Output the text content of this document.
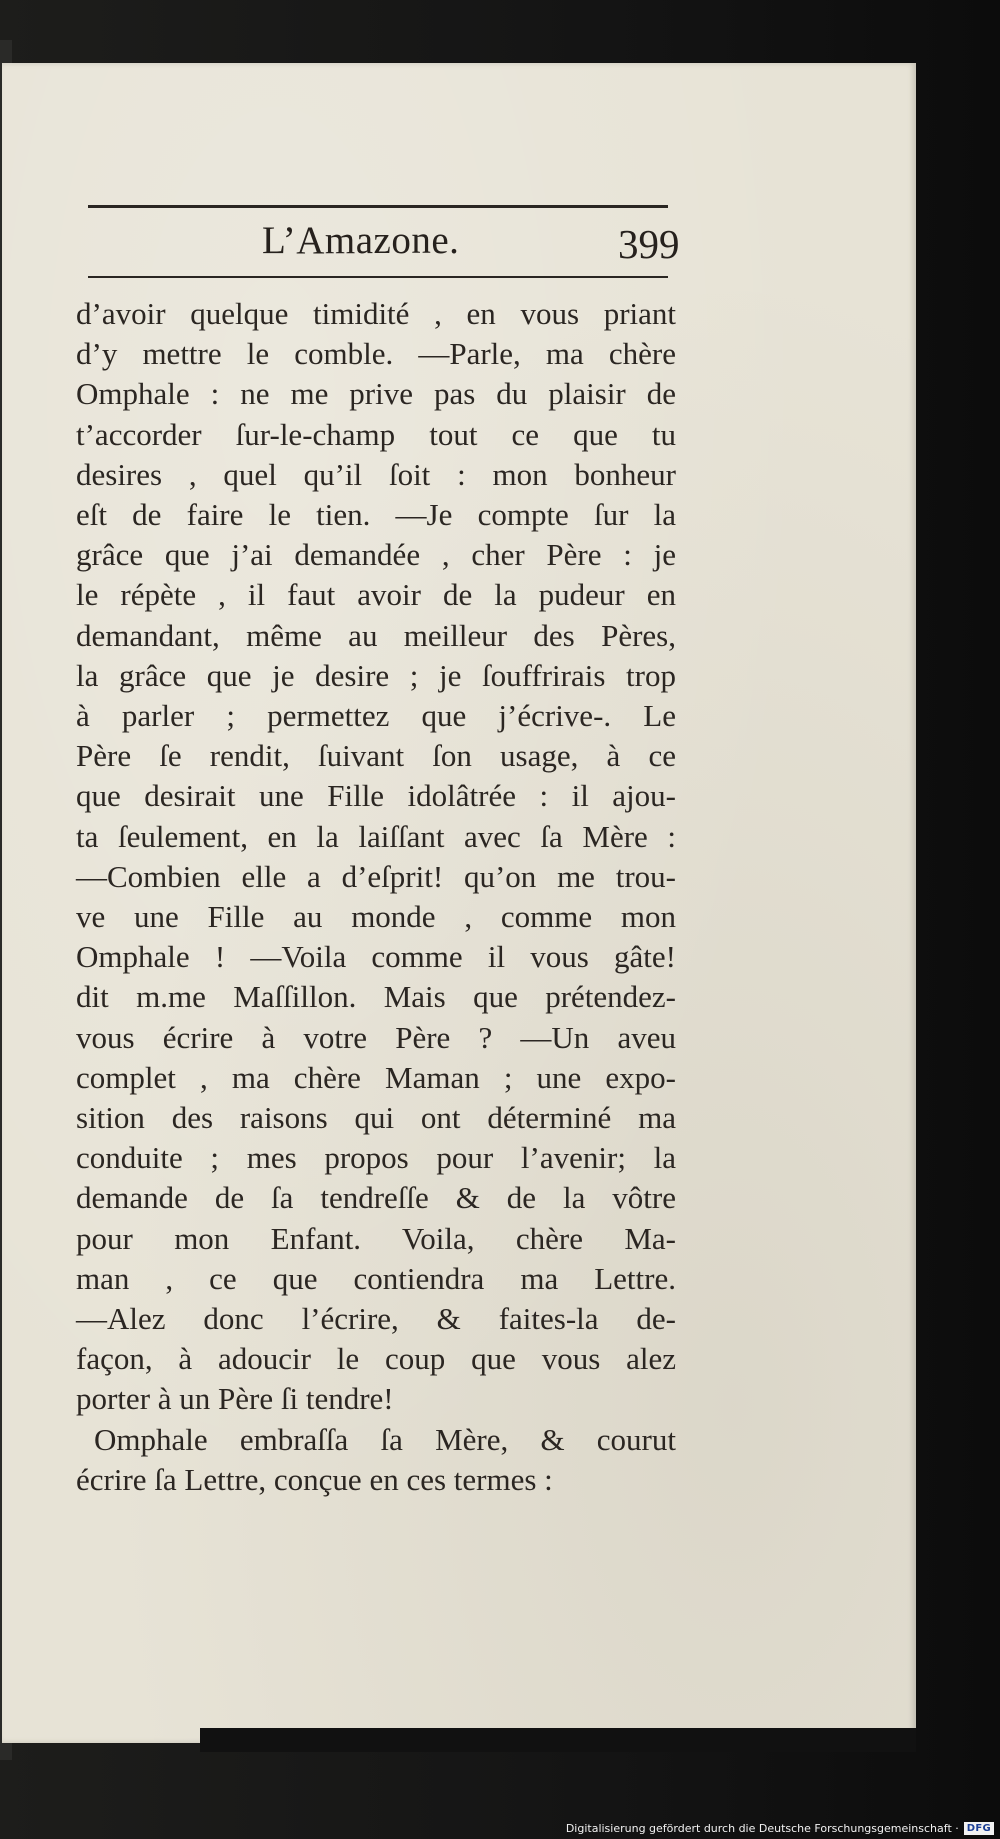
L’Amazone.	399
d’avoir quelque timidité , en vous priant
d’y mettre le comble. —Parle, ma chère
Omphale : ne me prive pas du plaisir de
t’accorder ſur-le-champ tout ce que tu
desires , quel qu’il ſoit : mon bonheur
eſt de faire le tien. —Je compte ſur la
grâce que j’ai demandée , cher Père : je
le répète , il faut avoir de la pudeur en
demandant, même au meilleur des Pères,
la grâce que je desire ; je ſouffrirais trop
à parler ; permettez que j’écrive-. Le
Père ſe rendit, ſuivant ſon usage, à ce
que desirait une Fille idolâtrée : il ajou-
ta ſeulement, en la laiſſant avec ſa Mère :
—Combien elle a d’eſprit! qu’on me trou-
ve une Fille au monde , comme mon
Omphale ! —Voila comme il vous gâte!
dit m.me Maſſillon. Mais que prétendez-
vous écrire à votre Père ? —Un aveu
complet , ma chère Maman ; une expo-
sition des raisons qui ont déterminé ma
conduite ; mes propos pour l’avenir; la
demande de ſa tendreſſe & de la vôtre
pour mon Enfant. Voila, chère Ma-
man , ce que contiendra ma Lettre.
—Alez donc l’écrire, & faites-la de-
façon, à adoucir le coup que vous alez
porter à un Père ſi tendre!
Omphale embraſſa ſa Mère, & courut
écrire ſa Lettre, conçue en ces termes :
Digitalisierung gefördert durch die Deutsche Forschungsgemeinschaft · DFG
